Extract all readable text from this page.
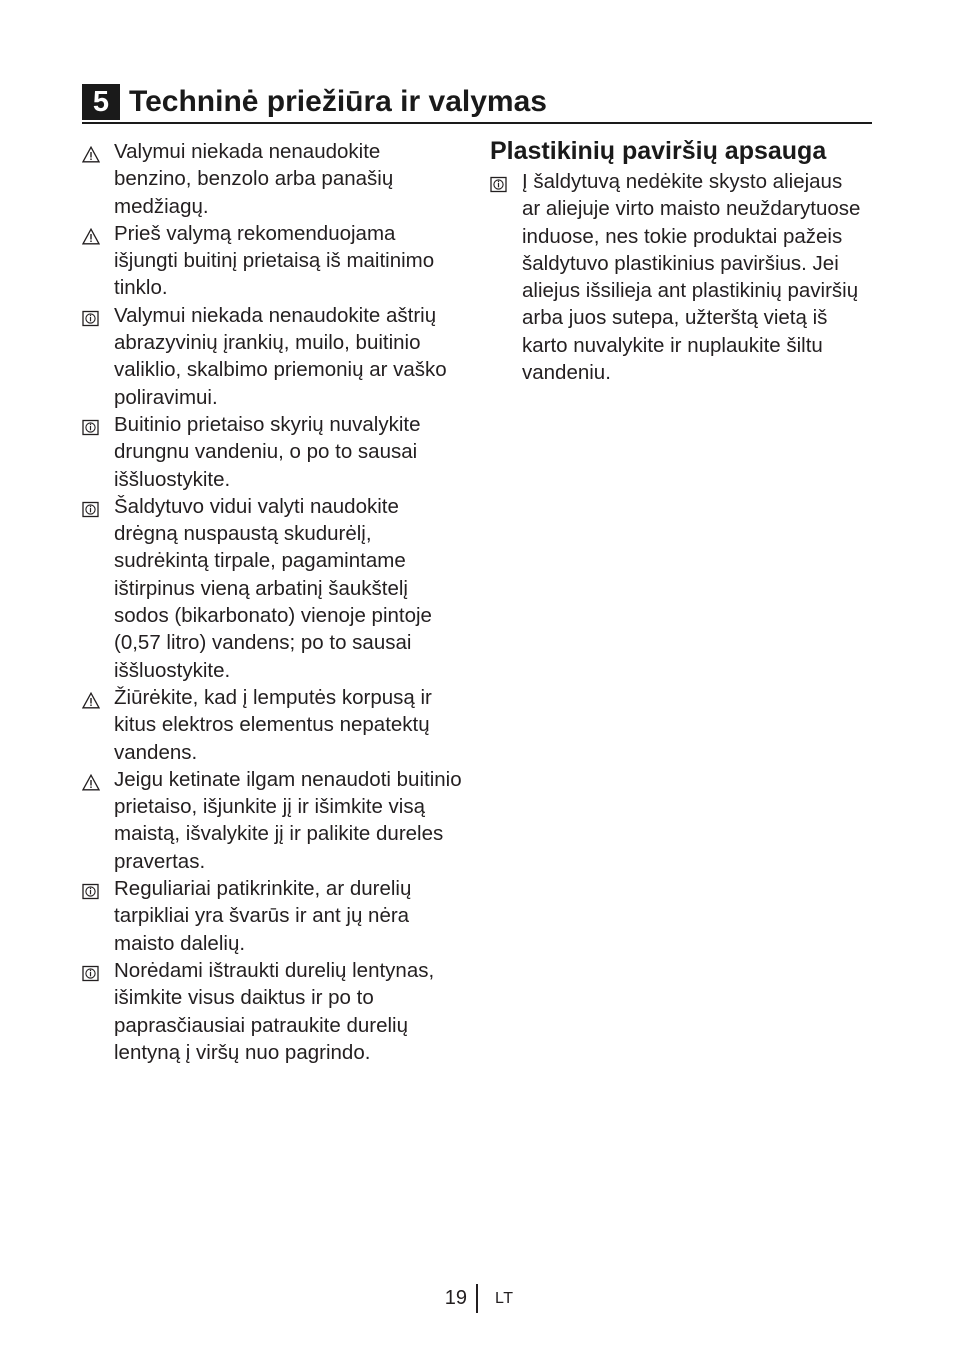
5 Techninė priežiūra ir valymas
Valymui niekada nenaudokite benzino, benzolo arba panašių medžiagų.
Prieš valymą rekomenduojama išjungti buitinį prietaisą iš maitinimo tinklo.
Valymui niekada nenaudokite aštrių abrazyvinių įrankių, muilo, buitinio valiklio, skalbimo priemonių ar vaško poliravimui.
Buitinio prietaiso skyrių nuvalykite drungnu vandeniu, o po to sausai iššluostykite.
Šaldytuvo vidui valyti naudokite drėgną nuspaustą skudurėlį, sudrėkintą tirpale, pagamintame ištirpinus vieną arbatinį šaukštelį sodos (bikarbonato) vienoje pintoje (0,57 litro) vandens; po to sausai iššluostykite.
Žiūrėkite, kad į lemputės korpusą ir kitus elektros elementus nepatektų vandens.
Jeigu ketinate ilgam nenaudoti buitinio prietaiso, išjunkite jį ir išimkite visą maistą, išvalykite jį ir palikite dureles pravertas.
Reguliariai patikrinkite, ar durelių tarpikliai yra švarūs ir ant jų nėra maisto dalelių.
Norėdami ištraukti durelių lentynas, išimkite visus daiktus ir po to paprasčiausiai patraukite durelių lentyną į viršų nuo pagrindo.
Plastikinių paviršių apsauga
Į šaldytuvą nedėkite skysto aliejaus ar aliejuje virto maisto neuždarytuose induose, nes tokie produktai pažeis šaldytuvo plastikinius paviršius. Jei aliejus išsilieja ant plastikinių paviršių arba juos sutepa, užterštą vietą iš karto nuvalykite ir nuplaukite šiltu vandeniu.
19 LT
